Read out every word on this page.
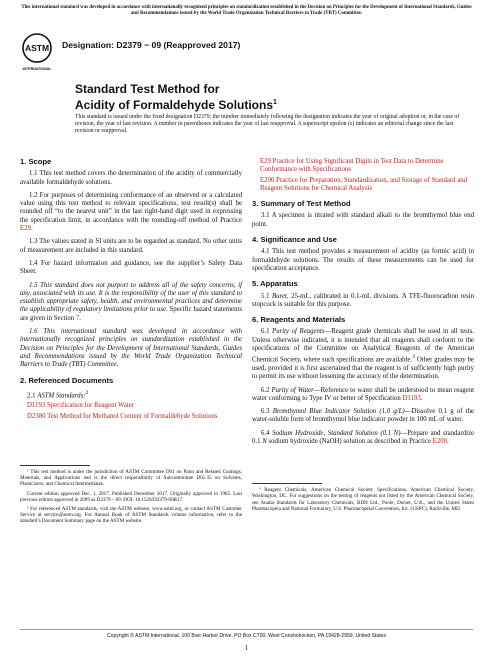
This international standard was developed in accordance with internationally recognized principles on standardization established in the Decision on Principles for the Development of International Standards, Guides and Recommendations issued by the World Trade Organization Technical Barriers to Trade (TBT) Committee.
ASTM
INTERNATIONAL
Designation: D2379 − 09 (Reapproved 2017)
Standard Test Method for
Acidity of Formaldehyde Solutions$^1$
This standard is issued under the fixed designation D2379; the number immediately following the designation indicates the year of original adoption or, in the case of revision, the year of last revision. A number in parentheses indicates the year of last reapproval. A superscript epsilon (ε) indicates an editorial change since the last revision or reapproval.
1. Scope

1.1 This test method covers the determination of the acidity of commercially available formaldehyde solutions.

1.2 For purposes of determining conformance of an observed or a calculated value using this test method to relevant specifications, test result(s) shall be rounded off “to the nearest unit” in the last right-hand digit used in expressing the specification limit, in accordance with the rounding-off method of Practice E29.

1.3 The values stated in SI units are to be regarded as standard. No other units of measurement are included in this standard.

1.4 For hazard information and guidance, see the supplier’s Safety Data Sheet.

1.5 This standard does not purport to address all of the safety concerns, if any, associated with its use. It is the responsibility of the user of this standard to establish appropriate safety, health, and environmental practices and determine the applicability of regulatory limitations prior to use. Specific hazard statements are given in Section 7.

1.6 This international standard was developed in accordance with internationally recognized principles on standardization established in the Decision on Principles for the Development of International Standards, Guides and Recommendations issued by the World Trade Organization Technical Barriers to Trade (TBT) Committee.

2. Referenced Documents
2.1 ASTM Standards:$^2$
D1193 Specification for Reagent Water
D2380 Test Method for Methanol Content of Formaldehyde Solutions

¹ This test method is under the jurisdiction of ASTM Committee D01 on Paint and Related Coatings, Materials, and Applications and is the direct responsibility of Subcommittee D01.35 on Solvents, Plasticizers, and Chemical Intermediates.

Current edition approved Dec. 1, 2017. Published December 2017. Originally approved in 1965. Last previous edition approved in 2009 as D2379 – 09. DOI: 10.1520/D2379-09R17.

² For referenced ASTM standards, visit the ASTM website, www.astm.org, or contact ASTM Customer Service at service@astm.org. For Annual Book of ASTM Standards volume information, refer to the standard’s Document Summary page on the ASTM website.

E29 Practice for Using Significant Digits in Test Data to Determine Conformance with Specifications
E200 Practice for Preparation, Standardization, and Storage of Standard and Reagent Solutions for Chemical Analysis
3. Summary of Test Method

3.1 A specimen is titrated with standard alkali to the bromthymol blue end point.

4. Significance and Use

4.1 This test method provides a measurement of acidity (as formic acid) in formaldehyde solutions. The results of these measurements can be used for specification acceptance.

5. Apparatus

5.1 Buret, 25-mL, calibrated in 0.1-mL divisions. A TFE-fluorocarbon resin stopcock is suitable for this purpose.

6. Reagents and Materials

6.1 Purity of Reagents—Reagent grade chemicals shall be used in all tests. Unless otherwise indicated, it is intended that all reagents shall conform to the specifications of the Committee on Analytical Reagents of the American Chemical Society, where such specifications are available.$^3$ Other grades may be used, provided it is first ascertained that the reagent is of sufficiently high purity to permit its use without lessening the accuracy of the determination.

6.2 Purity of Water—Reference to water shall be understood to mean reagent water conforming to Type IV or better of Specification D1193.

6.3 Bromthymol Blue Indicator Solution (1.0 g/L)—Dissolve 0.1 g of the water-soluble form of bromthymol blue indicator powder in 100 mL of water.

6.4 Sodium Hydroxide, Standard Solution (0.1 N)—Prepare and standardize 0.1 N sodium hydroxide (NaOH) solution as described in Practice E200.

³ Reagent Chemicals, American Chemical Society Specifications, American Chemical Society, Washington, DC. For suggestions on the testing of reagents not listed by the American Chemical Society, see Analar Standards for Laboratory Chemicals, BDH Ltd., Poole, Dorset, U.K., and the United States Pharmacopeia and National Formulary, U.S. Pharmacopeial Convention, Inc. (USPC), Rockville, MD.

Copyright © ASTM International, 100 Barr Harbor Drive, PO Box C700, West Conshohocken, PA 19428-2959. United States
1
